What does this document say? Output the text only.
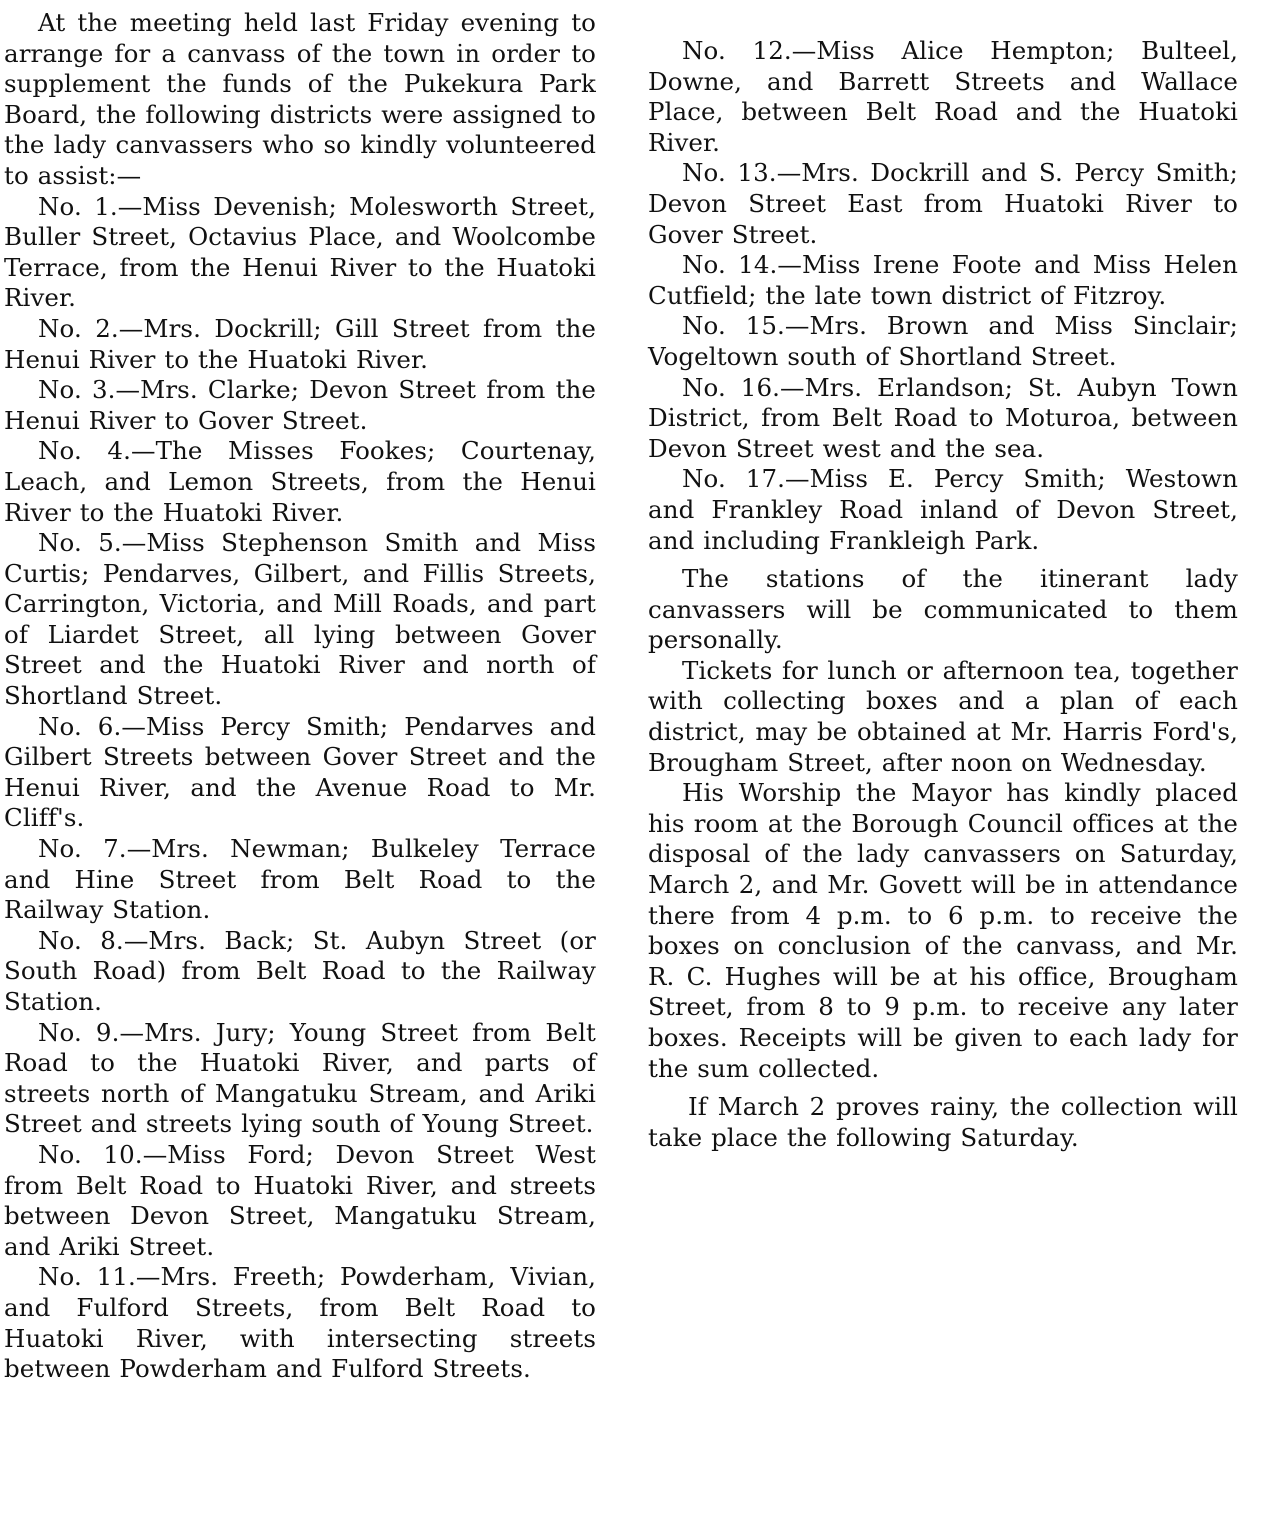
At the meeting held last Friday evening to arrange for a canvass of the town in order to supplement the funds of the Pukekura Park Board, the following districts were assigned to the lady canvassers who so kindly volunteered to assist:—

No. 1.—Miss Devenish; Molesworth Street, Buller Street, Octavius Place, and Woolcombe Terrace, from the Henui River to the Huatoki River.

No. 2.—Mrs. Dockrill; Gill Street from the Henui River to the Huatoki River.

No. 3.—Mrs. Clarke; Devon Street from the Henui River to Gover Street.

No. 4.—The Misses Fookes; Courtenay, Leach, and Lemon Streets, from the Henui River to the Huatoki River.

No. 5.—Miss Stephenson Smith and Miss Curtis; Pendarves, Gilbert, and Fillis Streets, Carrington, Victoria, and Mill Roads, and part of Liardet Street, all lying between Gover Street and the Huatoki River and north of Shortland Street.

No. 6.—Miss Percy Smith; Pendarves and Gilbert Streets between Gover Street and the Henui River, and the Avenue Road to Mr. Cliff's.

No. 7.—Mrs. Newman; Bulkeley Terrace and Hine Street from Belt Road to the Railway Station.

No. 8.—Mrs. Back; St. Aubyn Street (or South Road) from Belt Road to the Railway Station.

No. 9.—Mrs. Jury; Young Street from Belt Road to the Huatoki River, and parts of streets north of Mangatuku Stream, and Ariki Street and streets lying south of Young Street.

No. 10.—Miss Ford; Devon Street West from Belt Road to Huatoki River, and streets between Devon Street, Mangatuku Stream, and Ariki Street.

No. 11.—Mrs. Freeth; Powderham, Vivian, and Fulford Streets, from Belt Road to Huatoki River, with intersecting streets between Powderham and Fulford Streets.

No. 12.—Miss Alice Hempton; Bulteel, Downe, and Barrett Streets and Wallace Place, between Belt Road and the Huatoki River.

No. 13.—Mrs. Dockrill and S. Percy Smith; Devon Street East from Huatoki River to Gover Street.

No. 14.—Miss Irene Foote and Miss Helen Cutfield; the late town district of Fitzroy.

No. 15.—Mrs. Brown and Miss Sinclair; Vogeltown south of Shortland Street.

No. 16.—Mrs. Erlandson; St. Aubyn Town District, from Belt Road to Moturoa, between Devon Street west and the sea.

No. 17.—Miss E. Percy Smith; Westown and Frankley Road inland of Devon Street, and including Frankleigh Park.

The stations of the itinerant lady canvassers will be communicated to them personally.

Tickets for lunch or afternoon tea, together with collecting boxes and a plan of each district, may be obtained at Mr. Harris Ford's, Brougham Street, after noon on Wednesday.

His Worship the Mayor has kindly placed his room at the Borough Council offices at the disposal of the lady canvassers on Saturday, March 2, and Mr. Govett will be in attendance there from 4 p.m. to 6 p.m. to receive the boxes on conclusion of the canvass, and Mr. R. C. Hughes will be at his office, Brougham Street, from 8 to 9 p.m. to receive any later boxes. Receipts will be given to each lady for the sum collected.

If March 2 proves rainy, the collection will take place the following Saturday.
